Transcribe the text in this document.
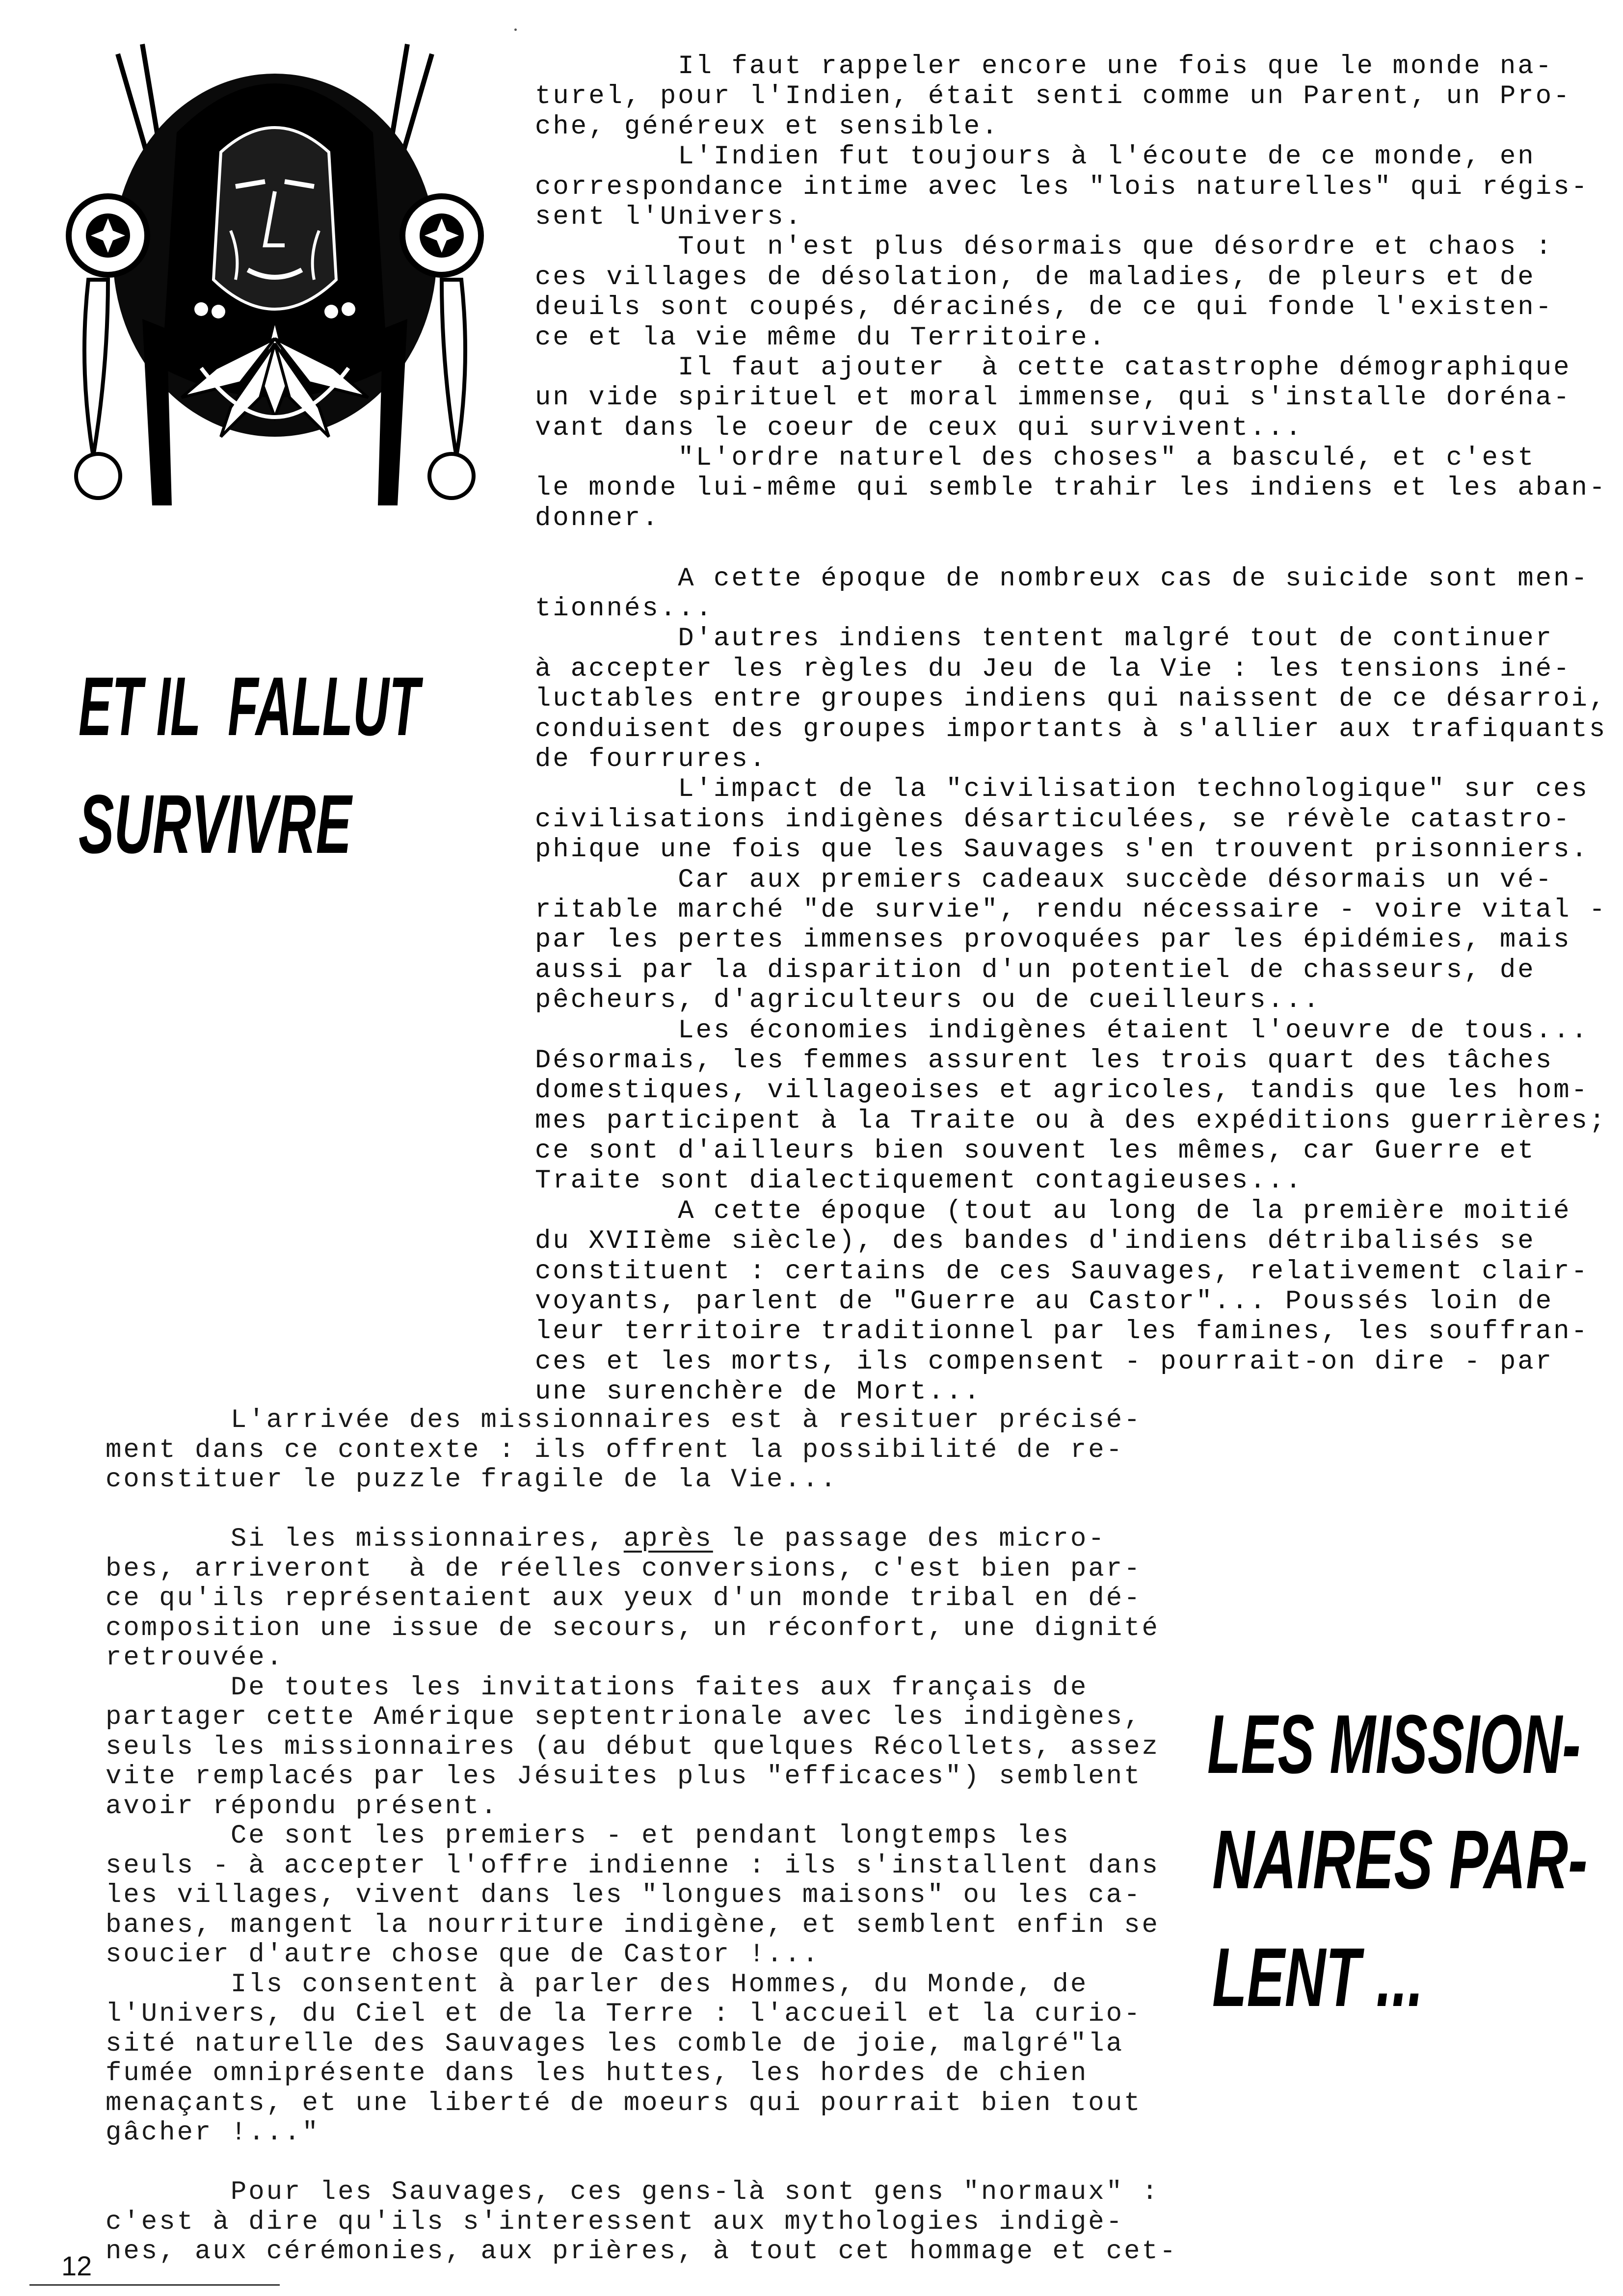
Il faut rappeler encore une fois que le monde na-
turel, pour l'Indien, était senti comme un Parent, un Pro-
che, généreux et sensible.
L'Indien fut toujours à l'écoute de ce monde, en
correspondance intime avec les "lois naturelles" qui régis-
sent l'Univers.
Tout n'est plus désormais que désordre et chaos :
ces villages de désolation, de maladies, de pleurs et de
deuils sont coupés, déracinés, de ce qui fonde l'existen-
ce et la vie même du Territoire.
Il faut ajouter  à cette catastrophe démographique
un vide spirituel et moral immense, qui s'installe doréna-
vant dans le coeur de ceux qui survivent...
"L'ordre naturel des choses" a basculé, et c'est
le monde lui-même qui semble trahir les indiens et les aban-
donner.
A cette époque de nombreux cas de suicide sont men-
tionnés...
D'autres indiens tentent malgré tout de continuer
à accepter les règles du Jeu de la Vie : les tensions iné-
luctables entre groupes indiens qui naissent de ce désarroi,
conduisent des groupes importants à s'allier aux trafiquants
de fourrures.
L'impact de la "civilisation technologique" sur ces
civilisations indigènes désarticulées, se révèle catastro-
phique une fois que les Sauvages s'en trouvent prisonniers.
Car aux premiers cadeaux succède désormais un vé-
ritable marché "de survie", rendu nécessaire - voire vital -
par les pertes immenses provoquées par les épidémies, mais
aussi par la disparition d'un potentiel de chasseurs, de
pêcheurs, d'agriculteurs ou de cueilleurs...
Les économies indigènes étaient l'oeuvre de tous...
Désormais, les femmes assurent les trois quart des tâches
domestiques, villageoises et agricoles, tandis que les hom-
mes participent à la Traite ou à des expéditions guerrières;
ce sont d'ailleurs bien souvent les mêmes, car Guerre et
Traite sont dialectiquement contagieuses...
A cette époque (tout au long de la première moitié
du XVIIème siècle), des bandes d'indiens détribalisés se
constituent : certains de ces Sauvages, relativement clair-
voyants, parlent de "Guerre au Castor"... Poussés loin de
leur territoire traditionnel par les famines, les souffran-
ces et les morts, ils compensent - pourrait-on dire - par
une surenchère de Mort...
ET IL  FALLUT
SURVIVRE
L'arrivée des missionnaires est à resituer précisé-
ment dans ce contexte : ils offrent la possibilité de re-
constituer le puzzle fragile de la Vie...
Si les missionnaires, après le passage des micro-
bes, arriveront  à de réelles conversions, c'est bien par-
ce qu'ils représentaient aux yeux d'un monde tribal en dé-
composition une issue de secours, un réconfort, une dignité
retrouvée.
De toutes les invitations faites aux français de
partager cette Amérique septentrionale avec les indigènes,
seuls les missionnaires (au début quelques Récollets, assez
vite remplacés par les Jésuites plus "efficaces") semblent
avoir répondu présent.
Ce sont les premiers - et pendant longtemps les
seuls - à accepter l'offre indienne : ils s'installent dans
les villages, vivent dans les "longues maisons" ou les ca-
banes, mangent la nourriture indigène, et semblent enfin se
soucier d'autre chose que de Castor !...
Ils consentent à parler des Hommes, du Monde, de
l'Univers, du Ciel et de la Terre : l'accueil et la curio-
sité naturelle des Sauvages les comble de joie, malgré"la
fumée omniprésente dans les huttes, les hordes de chien
menaçants, et une liberté de moeurs qui pourrait bien tout
gâcher !..."
Pour les Sauvages, ces gens-là sont gens "normaux" :
c'est à dire qu'ils s'interessent aux mythologies indigè-
nes, aux cérémonies, aux prières, à tout cet hommage et cet-
LES MISSION-
NAIRES PAR-
LENT ...
12
